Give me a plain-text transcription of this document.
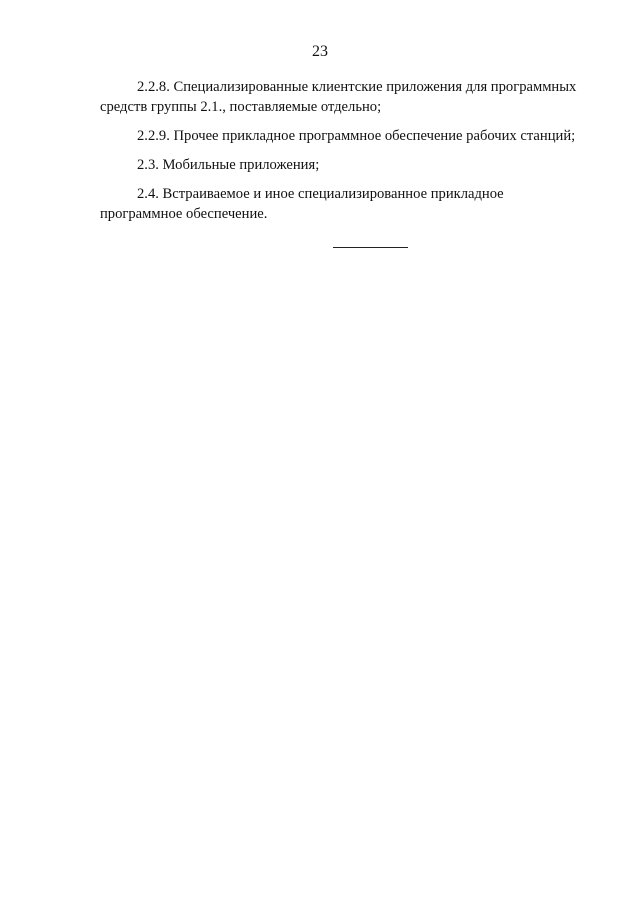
23

2.2.8. Специализированные клиентские приложения для программных
средств группы 2.1., поставляемые отдельно;

2.2.9. Прочее прикладное программное обеспечение рабочих станций;

2.3. Мобильные приложения;

2.4. Встраиваемое и иное специализированное прикладное
программное обеспечение.
